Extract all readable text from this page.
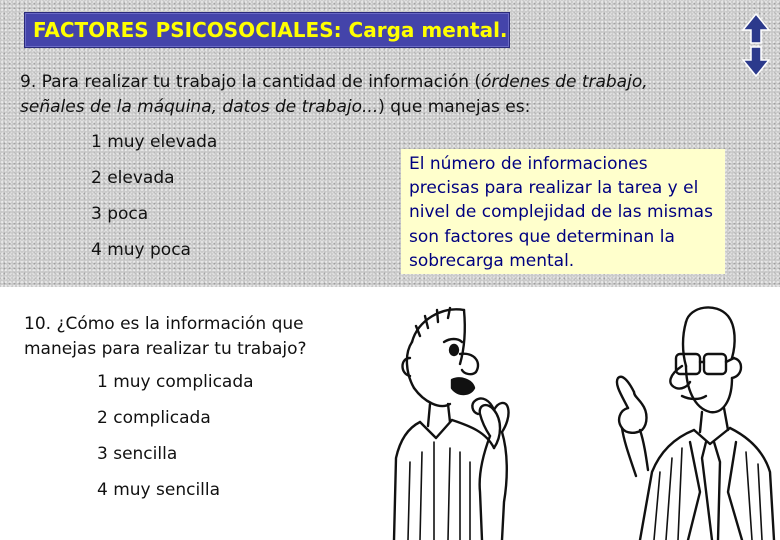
FACTORES PSICOSOCIALES: Carga mental.
9. Para realizar tu trabajo la cantidad de información (órdenes de trabajo, señales de la máquina, datos de trabajo...) que manejas es:
1 muy elevada
2 elevada
3 poca
4 muy poca
El número de informaciones precisas para realizar la tarea y el nivel de complejidad de las mismas son factores que determinan la sobrecarga mental.
10. ¿Cómo es la información que manejas para realizar tu trabajo?
1 muy complicada
2 complicada
3 sencilla
4 muy sencilla
